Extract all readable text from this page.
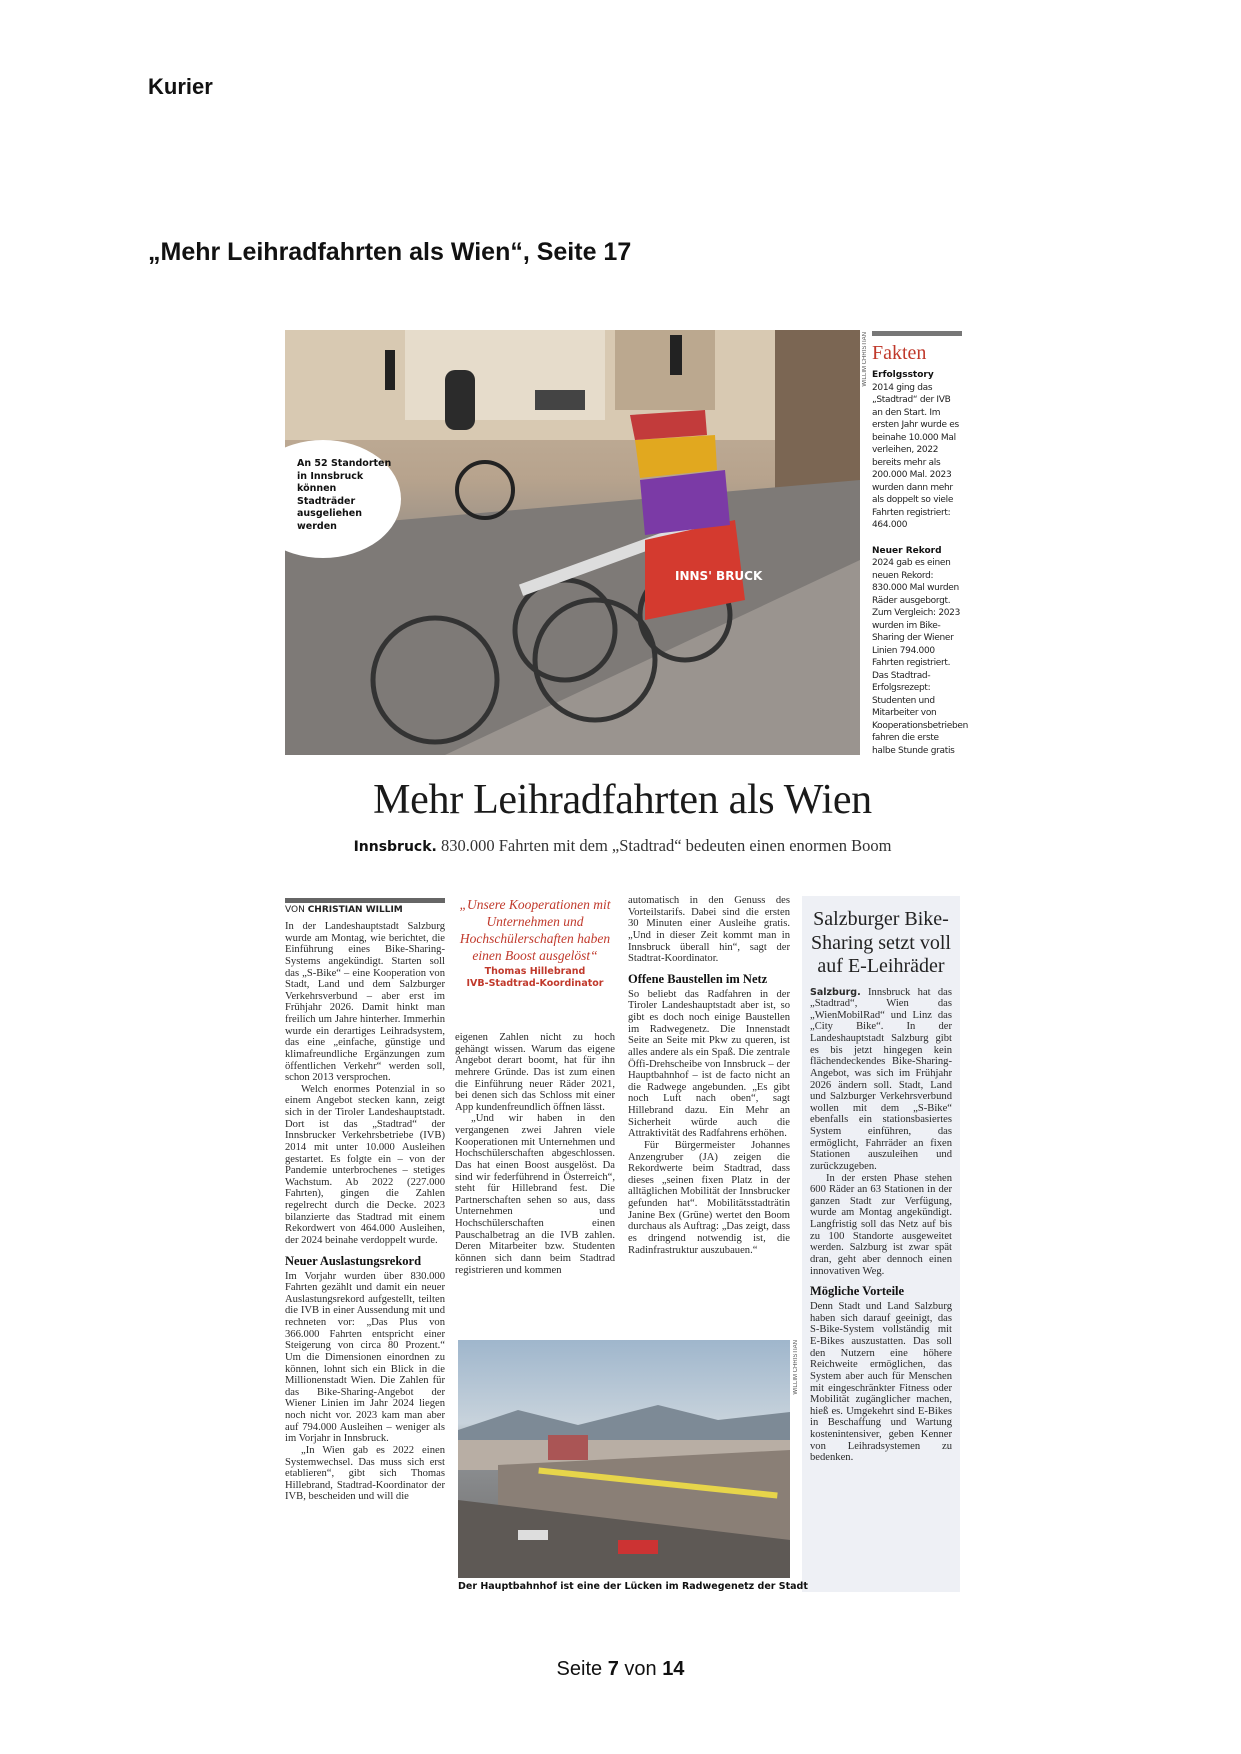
Kurier
„Mehr Leihradfahrten als Wien“, Seite 17
INNS' BRUCK
An 52 Standorten in Innsbruck können Stadträder ausgeliehen werden
WILLIM CHRISTIAN Fakten
Erfolgsstory

2014 ging das „Stadtrad“ der IVB an den Start. Im ersten Jahr wurde es beinahe 10.000 Mal verleihen, 2022 bereits mehr als 200.000 Mal. 2023 wurden dann mehr als doppelt so viele Fahrten registriert: 464.000

Neuer Rekord

2024 gab es einen neuen Rekord: 830.000 Mal wurden Räder ausgeborgt. Zum Vergleich: 2023 wurden im Bike-Sharing der Wiener Linien 794.000 Fahrten registriert. Das Stadtrad-Erfolgsrezept: Studenten und Mitarbeiter von Kooperationsbetrieben fahren die erste halbe Stunde gratis

Mehr Leihradfahrten als Wien
Innsbruck. 830.000 Fahrten mit dem „Stadtrad“ bedeuten einen enormen Boom
VON CHRISTIAN WILLIM

In der Landeshauptstadt Salzburg wurde am Montag, wie berichtet, die Einführung eines Bike-Sharing-Systems angekündigt. Starten soll das „S-Bike“ – eine Kooperation von Stadt, Land und dem Salzburger Verkehrsverbund – aber erst im Frühjahr 2026. Damit hinkt man freilich um Jahre hinterher. Immerhin wurde ein derartiges Leihradsystem, das eine „einfache, günstige und klimafreundliche Ergänzungen zum öffentlichen Verkehr“ werden soll, schon 2013 versprochen.

Welch enormes Potenzial in so einem Angebot stecken kann, zeigt sich in der Tiroler Landeshauptstadt. Dort ist das „Stadtrad“ der Innsbrucker Verkehrsbetriebe (IVB) 2014 mit unter 10.000 Ausleihen gestartet. Es folgte ein – von der Pandemie unterbrochenes – stetiges Wachstum. Ab 2022 (227.000 Fahrten), gingen die Zahlen regelrecht durch die Decke. 2023 bilanzierte das Stadtrad mit einem Rekordwert von 464.000 Ausleihen, der 2024 beinahe verdoppelt wurde.

Neuer Auslastungsrekord

Im Vorjahr wurden über 830.000 Fahrten gezählt und damit ein neuer Auslastungsrekord aufgestellt, teilten die IVB in einer Aussendung mit und rechneten vor: „Das Plus von 366.000 Fahrten entspricht einer Steigerung von circa 80 Prozent.“ Um die Dimensionen einordnen zu können, lohnt sich ein Blick in die Millionenstadt Wien. Die Zahlen für das Bike-Sharing-Angebot der Wiener Linien im Jahr 2024 liegen noch nicht vor. 2023 kam man aber auf 794.000 Ausleihen – weniger als im Vorjahr in Innsbruck.

„In Wien gab es 2022 einen Systemwechsel. Das muss sich erst etablieren“, gibt sich Thomas Hillebrand, Stadtrad-Koordinator der IVB, bescheiden und will die

„Unsere Kooperationen mit Unternehmen und Hochschülerschaften haben einen Boost ausgelöst“
Thomas Hillebrand
IVB-Stadtrad-Koordinator

eigenen Zahlen nicht zu hoch gehängt wissen. Warum das eigene Angebot derart boomt, hat für ihn mehrere Gründe. Das ist zum einen die Einführung neuer Räder 2021, bei denen sich das Schloss mit einer App kundenfreundlich öffnen lässt.

„Und wir haben in den vergangenen zwei Jahren viele Kooperationen mit Unternehmen und Hochschülerschaften abgeschlossen. Das hat einen Boost ausgelöst. Da sind wir federführend in Österreich“, steht für Hillebrand fest. Die Partnerschaften sehen so aus, dass Unternehmen und Hochschülerschaften einen Pauschalbetrag an die IVB zahlen. Deren Mitarbeiter bzw. Studenten können sich dann beim Stadtrad registrieren und kommen

automatisch in den Genuss des Vorteilstarifs. Dabei sind die ersten 30 Minuten einer Ausleihe gratis. „Und in dieser Zeit kommt man in Innsbruck überall hin“, sagt der Stadtrat-Koordinator.

Offene Baustellen im Netz

So beliebt das Radfahren in der Tiroler Landeshauptstadt aber ist, so gibt es doch noch einige Baustellen im Radwegenetz. Die Innenstadt Seite an Seite mit Pkw zu queren, ist alles andere als ein Spaß. Die zentrale Öffi-Drehscheibe von Innsbruck – der Hauptbahnhof – ist de facto nicht an die Radwege angebunden. „Es gibt noch Luft nach oben“, sagt Hillebrand dazu. Ein Mehr an Sicherheit würde auch die Attraktivität des Radfahrens erhöhen.

Für Bürgermeister Johannes Anzengruber (JA) zeigen die Rekordwerte beim Stadtrad, dass dieses „seinen fixen Platz in der alltäglichen Mobilität der Innsbrucker gefunden hat“. Mobilitätsstadträtin Janine Bex (Grüne) wertet den Boom durchaus als Auftrag: „Das zeigt, dass es dringend notwendig ist, die Radinfrastruktur auszubauen.“

Salzburger Bike-Sharing setzt voll auf E-Leihräder

Salzburg. Innsbruck hat das „Stadtrad“, Wien das „WienMobilRad“ und Linz das „City Bike“. In der Landeshauptstadt Salzburg gibt es bis jetzt hingegen kein flächendeckendes Bike-Sharing-Angebot, was sich im Frühjahr 2026 ändern soll. Stadt, Land und Salzburger Verkehrsverbund wollen mit dem „S-Bike“ ebenfalls ein stationsbasiertes System einführen, das ermöglicht, Fahrräder an fixen Stationen auszuleihen und zurückzugeben.

In der ersten Phase stehen 600 Räder an 63 Stationen in der ganzen Stadt zur Verfügung, wurde am Montag angekündigt. Langfristig soll das Netz auf bis zu 100 Standorte ausgeweitet werden. Salzburg ist zwar spät dran, geht aber dennoch einen innovativen Weg.

Mögliche Vorteile

Denn Stadt und Land Salzburg haben sich darauf geeinigt, das S-Bike-System vollständig mit E-Bikes auszustatten. Das soll den Nutzern eine höhere Reichweite ermöglichen, das System aber auch für Menschen mit eingeschränkter Fitness oder Mobilität zugänglicher machen, hieß es. Umgekehrt sind E-Bikes in Beschaffung und Wartung kostenintensiver, geben Kenner von Leihradsystemen zu bedenken.

WILLIM CHRISTIAN
Der Hauptbahnhof ist eine der Lücken im Radwegenetz der Stadt
Seite 7 von 14
